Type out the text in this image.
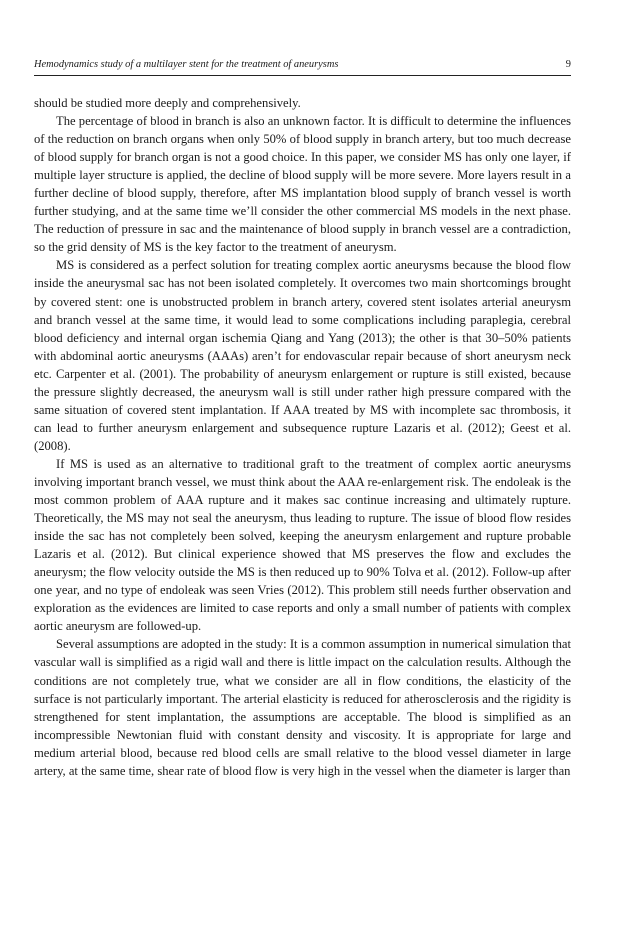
Hemodynamics study of a multilayer stent for the treatment of aneurysms	9

should be studied more deeply and comprehensively.

The percentage of blood in branch is also an unknown factor. It is difficult to determine the influences of the reduction on branch organs when only 50% of blood supply in branch artery, but too much decrease of blood supply for branch organ is not a good choice. In this paper, we consider MS has only one layer, if multiple layer structure is applied, the decline of blood supply will be more severe. More layers result in a further decline of blood supply, therefore, after MS implantation blood supply of branch vessel is worth further studying, and at the same time we’ll consider the other commercial MS models in the next phase. The reduction of pressure in sac and the maintenance of blood supply in branch vessel are a contradiction, so the grid density of MS is the key factor to the treatment of aneurysm.

MS is considered as a perfect solution for treating complex aortic aneurysms because the blood flow inside the aneurysmal sac has not been isolated completely. It overcomes two main shortcomings brought by covered stent: one is unobstructed problem in branch artery, covered stent isolates arterial aneurysm and branch vessel at the same time, it would lead to some complications including paraplegia, cerebral blood deficiency and internal organ ischemia Qiang and Yang (2013); the other is that 30–50% patients with abdominal aortic aneurysms (AAAs) aren’t for endovascular repair because of short aneurysm neck etc. Carpenter et al. (2001). The probability of aneurysm enlargement or rupture is still existed, because the pressure slightly decreased, the aneurysm wall is still under rather high pressure compared with the same situation of covered stent implantation. If AAA treated by MS with incomplete sac thrombosis, it can lead to further aneurysm enlargement and subsequence rupture Lazaris et al. (2012); Geest et al. (2008).

If MS is used as an alternative to traditional graft to the treatment of complex aortic aneurysms involving important branch vessel, we must think about the AAA re-enlargement risk. The endoleak is the most common problem of AAA rupture and it makes sac continue increasing and ultimately rupture. Theoretically, the MS may not seal the aneurysm, thus leading to rupture. The issue of blood flow resides inside the sac has not completely been solved, keeping the aneurysm enlargement and rupture probable Lazaris et al. (2012). But clinical experience showed that MS preserves the flow and excludes the aneurysm; the flow velocity outside the MS is then reduced up to 90% Tolva et al. (2012). Follow-up after one year, and no type of endoleak was seen Vries (2012). This problem still needs further observation and exploration as the evidences are limited to case reports and only a small number of patients with complex aortic aneurysm are followed-up.

Several assumptions are adopted in the study: It is a common assumption in numerical simulation that vascular wall is simplified as a rigid wall and there is little impact on the calculation results. Although the conditions are not completely true, what we consider are all in flow conditions, the elasticity of the surface is not particularly important. The arterial elasticity is reduced for atherosclerosis and the rigidity is strengthened for stent implantation, the assumptions are acceptable. The blood is simplified as an incompressible Newtonian fluid with constant density and viscosity. It is appropriate for large and medium arterial blood, because red blood cells are small relative to the blood vessel diameter in large artery, at the same time, shear rate of blood flow is very high in the vessel when the diameter is larger than
